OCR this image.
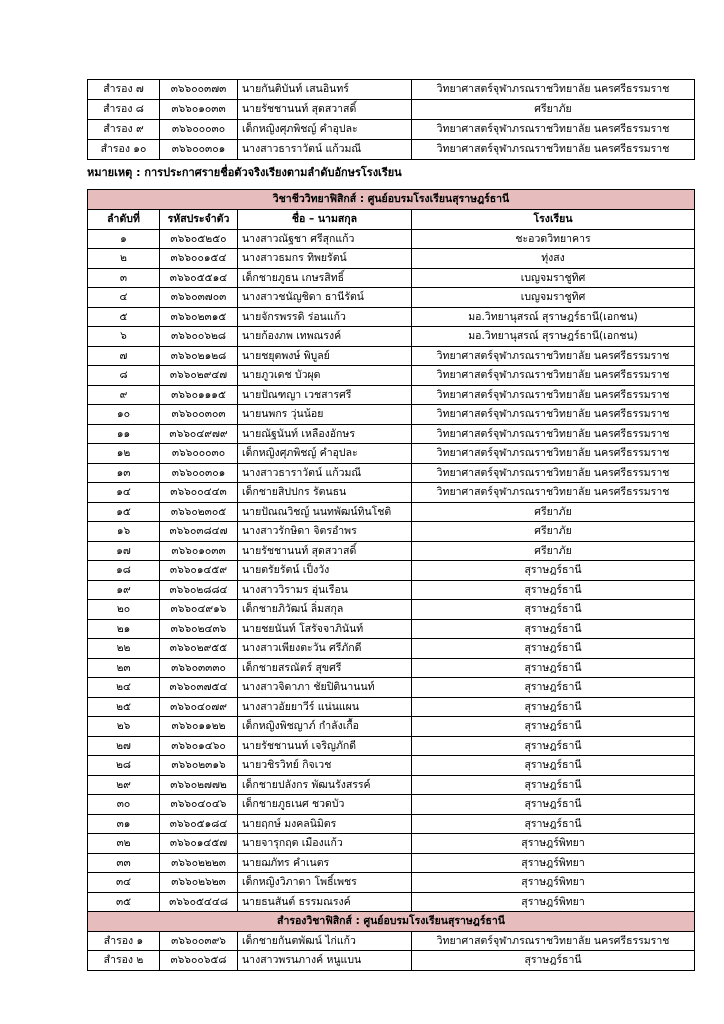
สำรอง ๗	๓๖๖๐๐๓๗๓	นายกันติบันท์ เสนอินทร์	วิทยาศาสตร์จุฬาภรณราชวิทยาลัย นครศรีธรรมราช
สำรอง ๘	๓๖๖๐๑๐๓๓	นายรัชชานนท์ สุดสวาสดิ์	ศรียาภัย
สำรอง ๙	๓๖๖๐๐๐๓๐	เด็กหญิงศุภพิชญ์ คำอุปละ	วิทยาศาสตร์จุฬาภรณราชวิทยาลัย นครศรีธรรมราช
สำรอง ๑๐	๓๖๖๐๐๓๐๑	นางสาวธาราวัตน์ แก้วมณี	วิทยาศาสตร์จุฬาภรณราชวิทยาลัย นครศรีธรรมราช
หมายเหตุ : การประกาศรายชื่อตัวจริงเรียงตามลำดับอักษรโรงเรียน
วิชาชีววิทยาฟิสิกส์ : ศูนย์อบรมโรงเรียนสุราษฎร์ธานี			
ลำดับที่	รหัสประจำตัว	ชื่อ – นามสกุล	โรงเรียน
๑	๓๖๖๐๕๒๕๐	นางสาวณัฐชา ศรีสุกแก้ว	ชะอวดวิทยาคาร
๒	๓๖๖๐๐๑๕๔	นางสาวธมกร ทิพยรัตน์	ทุ่งสง
๓	๓๖๖๐๕๕๑๔	เด็กชายภูธน เกษรสิทธิ์	เบญจมราชูทิศ
๔	๓๖๖๐๓๗๐๓	นางสาวชนัญชิดา ธานีรัตน์	เบญจมราชูทิศ
๕	๓๖๖๐๒๓๑๕	นายจักรพรรดิ ร่อนแก้ว	มอ.วิทยานุสรณ์ สุราษฎร์ธานี(เอกชน)
๖	๓๖๖๐๐๖๒๘	นายก้องภพ เทพณรงค์	มอ.วิทยานุสรณ์ สุราษฎร์ธานี(เอกชน)
๗	๓๖๖๐๒๑๒๘	นายชยุตพงษ์ พิบูลย์	วิทยาศาสตร์จุฬาภรณราชวิทยาลัย นครศรีธรรมราช
๘	๓๖๖๐๒๙๔๗	นายภูวเดช บัวผุด	วิทยาศาสตร์จุฬาภรณราชวิทยาลัย นครศรีธรรมราช
๙	๓๖๖๐๑๑๑๕	นายปัณฑญา เวชสารศรี	วิทยาศาสตร์จุฬาภรณราชวิทยาลัย นครศรีธรรมราช
๑๐	๓๖๖๐๐๓๐๓	นายนพกร วุ่นน้อย	วิทยาศาสตร์จุฬาภรณราชวิทยาลัย นครศรีธรรมราช
๑๑	๓๖๖๐๔๙๗๙	นายณัฐนันท์ เหลืองอักษร	วิทยาศาสตร์จุฬาภรณราชวิทยาลัย นครศรีธรรมราช
๑๒	๓๖๖๐๐๐๓๐	เด็กหญิงศุภพิชญ์ คำอุปละ	วิทยาศาสตร์จุฬาภรณราชวิทยาลัย นครศรีธรรมราช
๑๓	๓๖๖๐๐๓๐๑	นางสาวธาราวัตน์ แก้วมณี	วิทยาศาสตร์จุฬาภรณราชวิทยาลัย นครศรีธรรมราช
๑๔	๓๖๖๐๐๔๔๓	เด็กชายสิปปกร รัตนธน	วิทยาศาสตร์จุฬาภรณราชวิทยาลัย นครศรีธรรมราช
๑๕	๓๖๖๐๒๓๐๕	นายปัณณวิชญ์ นนทพัฒน์ทินโชติ	ศรียาภัย
๑๖	๓๖๖๐๓๘๔๗	นางสาวรักษิดา จิตรอำพร	ศรียาภัย
๑๗	๓๖๖๐๑๐๓๓	นายรัชชานนท์ สุดสวาสดิ์	ศรียาภัย
๑๘	๓๖๖๐๑๔๕๙	นายตรัยรัตน์ เป็งวัง	สุราษฎร์ธานี
๑๙	๓๖๖๐๒๘๘๔	นางสาววิรามร อุ่นเรือน	สุราษฎร์ธานี
๒๐	๓๖๖๐๔๙๑๖	เด็กชายภิวัฒน์ ลิ่มสกุล	สุราษฎร์ธานี
๒๑	๓๖๖๐๒๔๓๖	นายชยนันท์ โสรัจจาภินันท์	สุราษฎร์ธานี
๒๒	๓๖๖๐๒๙๕๕	นางสาวเพียงตะวัน ศรีภักดี	สุราษฎร์ธานี
๒๓	๓๖๖๐๓๓๓๐	เด็กชายสรณัตร์ สุขศรี	สุราษฎร์ธานี
๒๔	๓๖๖๐๓๗๕๔	นางสาวจิดาภา ชัยปิตินานนท์	สุราษฎร์ธานี
๒๕	๓๖๖๐๔๐๗๙	นางสาวอัยยาวีร์ แน่นแผน	สุราษฎร์ธานี
๒๖	๓๖๖๐๑๑๒๒	เด็กหญิงพิชญาภ์ กำลังเกื้อ	สุราษฎร์ธานี
๒๗	๓๖๖๐๑๔๖๐	นายรัชชานนท์ เจริญภักดี	สุราษฎร์ธานี
๒๘	๓๖๖๐๒๓๑๖	นายวชิรวิทย์ กิจเวช	สุราษฎร์ธานี
๒๙	๓๖๖๐๒๗๗๒	เด็กชายปลังกร พัฒนรังสรรค์	สุราษฎร์ธานี
๓๐	๓๖๖๐๔๐๔๖	เด็กชายภูธเนศ ชวดบัว	สุราษฎร์ธานี
๓๑	๓๖๖๐๕๑๘๔	นายฤกษ์ มงคลนิมิตร	สุราษฎร์ธานี
๓๒	๓๖๖๐๑๔๕๗	นายจารุกฤต เมืองแก้ว	สุราษฎร์พิทยา
๓๓	๓๖๖๐๒๒๒๓	นายฌภัทร คำเนตร	สุราษฎร์พิทยา
๓๔	๓๖๖๐๒๖๒๓	เด็กหญิงวิภาดา โพธิ์เพชร	สุราษฎร์พิทยา
๓๕	๓๖๖๐๕๔๔๘	นายธนสันต์ ธรรมณรงค์	สุราษฎร์พิทยา
สำรองวิชาฟิสิกส์ : ศูนย์อบรมโรงเรียนสุราษฎร์ธานี			
สำรอง ๑	๓๖๖๐๐๓๙๖	เด็กชายกันตพัฒน์ ไก่แก้ว	วิทยาศาสตร์จุฬาภรณราชวิทยาลัย นครศรีธรรมราช
สำรอง ๒	๓๖๖๐๐๖๕๘	นางสาวพรนภางค์ หนูแบน	สุราษฎร์ธานี
